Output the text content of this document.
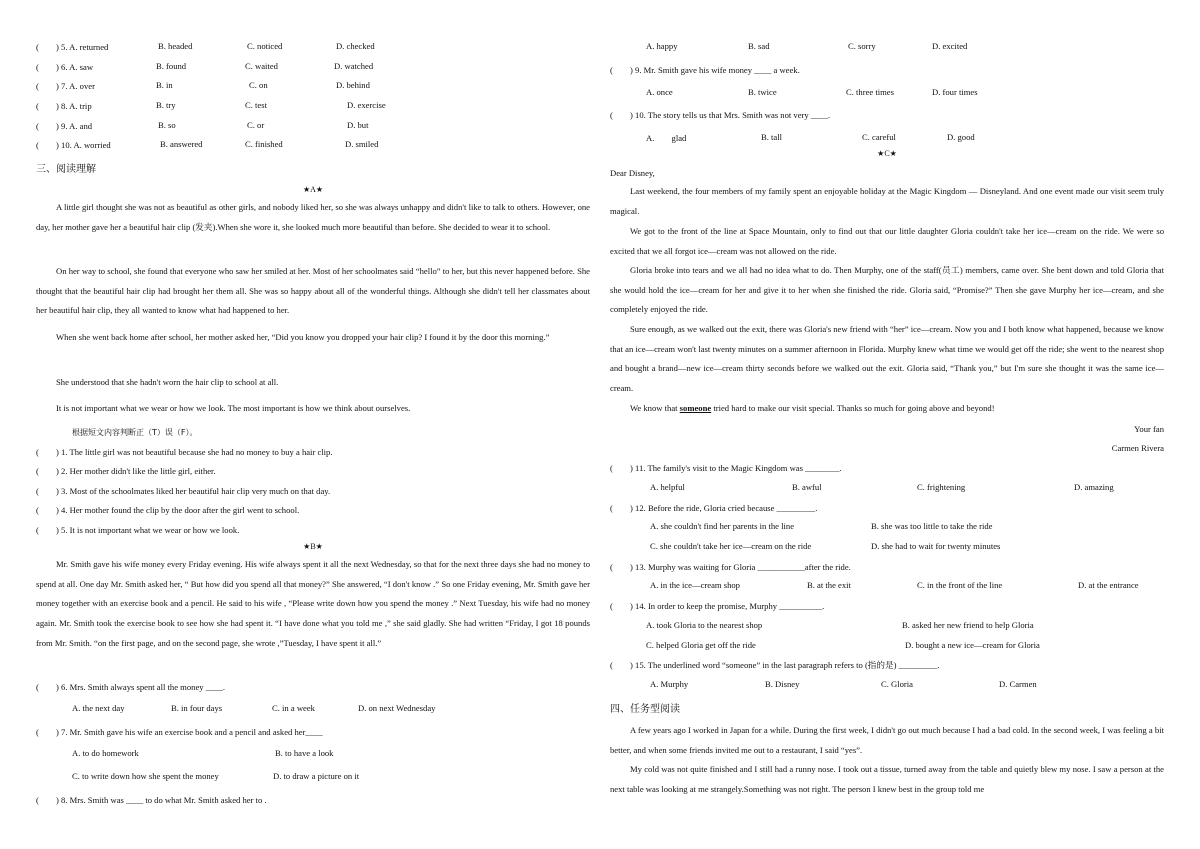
(　　) 5. A. returned	B. headed	C. noticed	D. checked
(　　) 6. A. saw	B. found	C. waited	D. watched
(　　) 7. A. over	B. in	C. on	D. behind
(　　) 8. A. trip	B. try	C. test	D. exercise
(　　) 9. A. and	B. so	C. or	D. but
(　　) 10. A. worried	B. answered	C. finished	D. smiled
三、阅读理解
★A★

A little girl thought she was not as beautiful as other girls, and nobody liked her, so she was always unhappy and didn't like to talk to others. However, one day, her mother gave her a beautiful hair clip (发夹).When she wore it, she looked much more beautiful than before. She decided to wear it to school.

On her way to school, she found that everyone who saw her smiled at her. Most of her schoolmates said “hello” to her, but this never happened before. She thought that the beautiful hair clip had brought her them all. She was so happy about all of the wonderful things. Although she didn't tell her classmates about her beautiful hair clip, they all wanted to know what had happened to her.

When she went back home after school, her mother asked her, “Did you know you dropped your hair clip? I found it by the door this morning.”

She understood that she hadn't worn the hair clip to school at all.

It is not important what we wear or how we look. The most important is how we think about ourselves.

根据短文内容判断正（T）误（F）。
(　　) 1. The little girl was not beautiful because she had no money to buy a hair clip.
(　　) 2. Her mother didn't like the little girl, either.
(　　) 3. Most of the schoolmates liked her beautiful hair clip very much on that day.
(　　) 4. Her mother found the clip by the door after the girl went to school.
(　　) 5. It is not important what we wear or how we look.
★B★

Mr. Smith gave his wife money every Friday evening. His wife always spent it all the next Wednesday, so that for the next three days she had no money to spend at all. One day Mr. Smith asked her, “ But how did you spend all that money?” She answered, “I don't know .” So one Friday evening, Mr. Smith gave her money together with an exercise book and a pencil. He said to his wife , “Please write down how you spend the money .” Next Tuesday, his wife had no money again. Mr. Smith took the exercise book to see how she had spent it. “I have done what you told me ,” she said gladly. She had written “Friday, I got 18 pounds from Mr. Smith. “on the first page, and on the second page, she wrote ,”Tuesday, I have spent it all.”

(　　) 6. Mrs. Smith always spent all the money ____.
A. the next day	B. in four days	C. in a week	D. on next Wednesday
(　　) 7. Mr. Smith gave his wife an exercise book and a pencil and asked her____
A. to do homework	B. to have a look
C. to write down how she spent the money	D. to draw a picture on it
(　　) 8. Mrs. Smith was ____ to do what Mr. Smith asked her to .
A. happy	B. sad	C. sorry	D. excited
(　　) 9. Mr. Smith gave his wife money ____ a week.
A. once	B. twice	C. three times	D. four times
(　　) 10. The story tells us that Mrs. Smith was not very ____.
A.　　glad	B. tall	C. careful	D. good
★C★
Dear Disney,

Last weekend, the four members of my family spent an enjoyable holiday at the Magic Kingdom — Disneyland. And one event made our visit seem truly magical.

We got to the front of the line at Space Mountain, only to find out that our little daughter Gloria couldn't take her ice—cream on the ride. We were so excited that we all forgot ice—cream was not allowed on the ride.

Gloria broke into tears and we all had no idea what to do. Then Murphy, one of the staff(员工) members, came over. She bent down and told Gloria that she would hold the ice—cream for her and give it to her when she finished the ride. Gloria said, “Promise?” Then she gave Murphy her ice—cream, and she completely enjoyed the ride.

Sure enough, as we walked out the exit, there was Gloria's new friend with “her” ice—cream. Now you and I both know what happened, because we know that an ice—cream won't last twenty minutes on a summer afternoon in Florida. Murphy knew what time we would get off the ride; she went to the nearest shop and bought a brand—new ice—cream thirty seconds before we walked out the exit. Gloria said, “Thank you,” but I'm sure she thought it was the same ice—cream.

We know that someone tried hard to make our visit special. Thanks so much for going above and beyond!

Your fan
Carmen Rivera
(　　) 11. The family's visit to the Magic Kingdom was ________.
A. helpful	B. awful	C. frightening	D. amazing
(　　) 12. Before the ride, Gloria cried because _________.
A. she couldn't find her parents in the line	B. she was too little to take the ride
C. she couldn't take her ice—cream on the ride	D. she had to wait for twenty minutes
(　　) 13. Murphy was waiting for Gloria ___________after the ride.
A. in the ice—cream shop	B. at the exit	C. in the front of the line	D. at the entrance
(　　) 14. In order to keep the promise, Murphy __________.
A. took Gloria to the nearest shop	B. asked her new friend to help Gloria
C. helped Gloria get off the ride	D. bought a new ice—cream for Gloria
(　　) 15. The underlined word “someone” in the last paragraph refers to (指的是) _________.
A. Murphy	B. Disney	C. Gloria	D. Carmen
四、任务型阅读

A few years ago I worked in Japan for a while. During the first week, I didn't go out much because I had a bad cold. In the second week, I was feeling a bit better, and when some friends invited me out to a restaurant, I said “yes”.

My cold was not quite finished and I still had a runny nose. I took out a tissue, turned away from the table and quietly blew my nose. I saw a person at the next table was looking at me strangely.Something was not right. The person I knew best in the group told me
